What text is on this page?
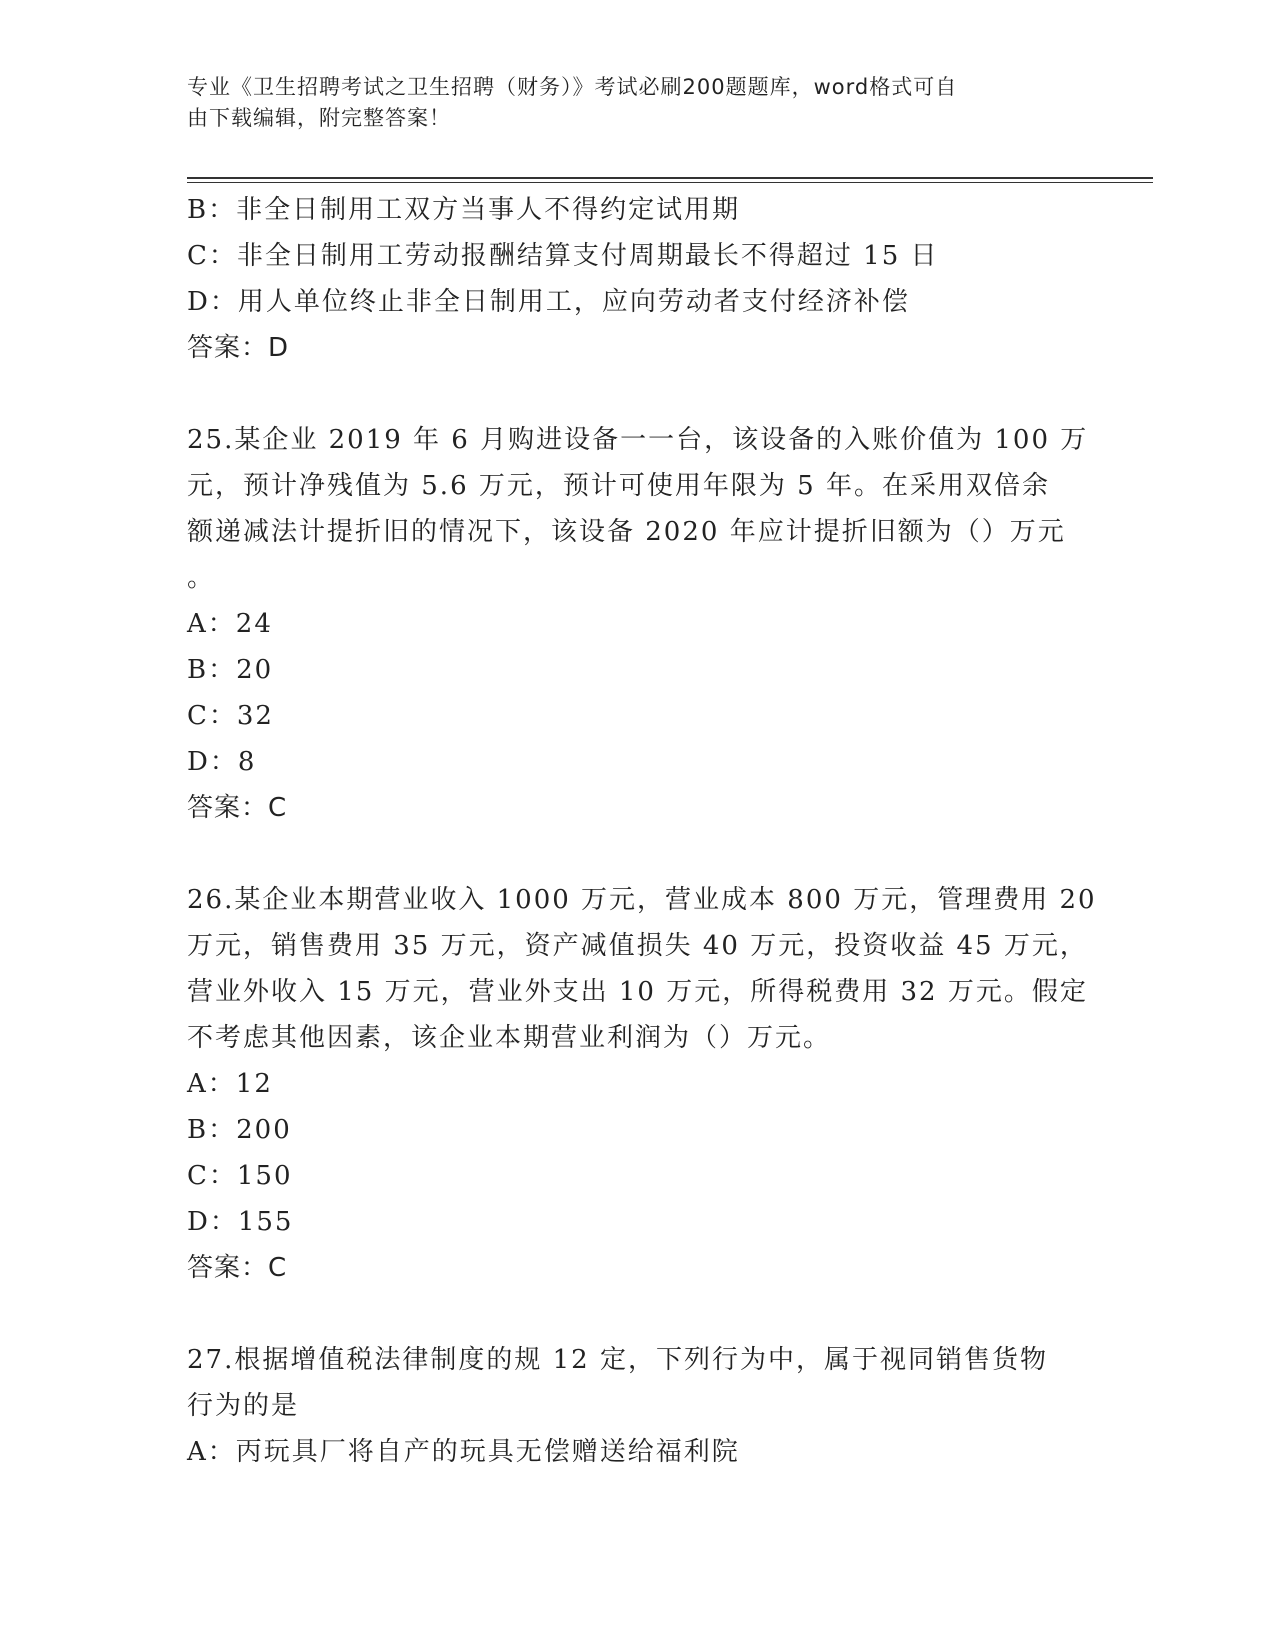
专业《卫生招聘考试之卫生招聘（财务）》考试必刷200题题库，word格式可自
由下载编辑，附完整答案！
B：非全日制用工双方当事人不得约定试用期
C：非全日制用工劳动报酬结算支付周期最长不得超过 15 日
D：用人单位终止非全日制用工，应向劳动者支付经济补偿
答案：D
25.某企业 2019 年 6 月购进设备一一台，该设备的入账价值为 100 万
元，预计净残值为 5.6 万元，预计可使用年限为 5 年。在采用双倍余
额递减法计提折旧的情况下，该设备 2020 年应计提折旧额为（）万元
。
A：24
B：20
C：32
D：8
答案：C
26.某企业本期营业收入 1000 万元，营业成本 800 万元，管理费用 20
万元，销售费用 35 万元，资产减值损失 40 万元，投资收益 45 万元，
营业外收入 15 万元，营业外支出 10 万元，所得税费用 32 万元。假定
不考虑其他因素，该企业本期营业利润为（）万元。
A：12
B：200
C：150
D：155
答案：C
27.根据增值税法律制度的规 12 定，下列行为中，属于视同销售货物
行为的是
A：丙玩具厂将自产的玩具无偿赠送给福利院
